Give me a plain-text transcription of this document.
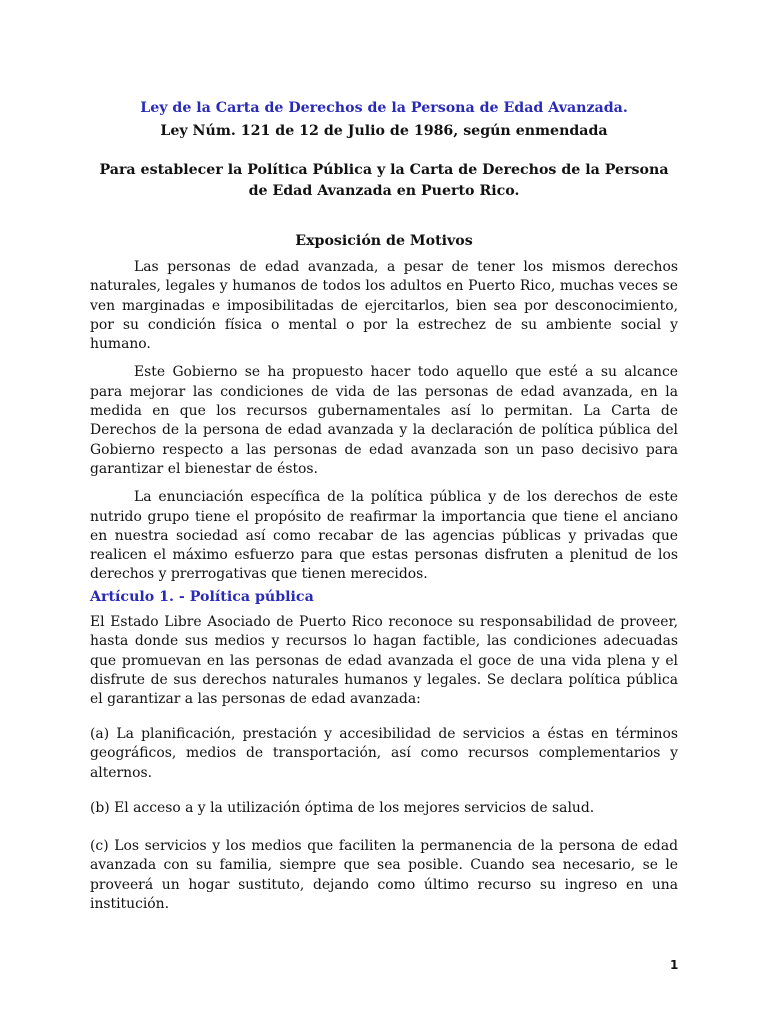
Ley de la Carta de Derechos de la Persona de Edad Avanzada.
Ley Núm. 121 de 12 de Julio de 1986, según enmendada
Para establecer la Política Pública y la Carta de Derechos de la Persona
de Edad Avanzada en Puerto Rico.
Exposición de Motivos

Las personas de edad avanzada, a pesar de tener los mismos derechos naturales, legales y humanos de todos los adultos en Puerto Rico, muchas veces se ven marginadas e imposibilitadas de ejercitarlos, bien sea por desconocimiento, por su condición física o mental o por la estrechez de su ambiente social y humano.

Este Gobierno se ha propuesto hacer todo aquello que esté a su alcance para mejorar las condiciones de vida de las personas de edad avanzada, en la medida en que los recursos gubernamentales así lo permitan. La Carta de Derechos de la persona de edad avanzada y la declaración de política pública del Gobierno respecto a las personas de edad avanzada son un paso decisivo para garantizar el bienestar de éstos.

La enunciación específica de la política pública y de los derechos de este nutrido grupo tiene el propósito de reafirmar la importancia que tiene el anciano en nuestra sociedad así como recabar de las agencias públicas y privadas que realicen el máximo esfuerzo para que estas personas disfruten a plenitud de los derechos y prerrogativas que tienen merecidos.

Artículo 1. - Política pública

El Estado Libre Asociado de Puerto Rico reconoce su responsabilidad de proveer, hasta donde sus medios y recursos lo hagan factible, las condiciones adecuadas que promuevan en las personas de edad avanzada el goce de una vida plena y el disfrute de sus derechos naturales humanos y legales. Se declara política pública el garantizar a las personas de edad avanzada:

(a) La planificación, prestación y accesibilidad de servicios a éstas en términos geográficos, medios de transportación, así como recursos complementarios y alternos.

(b) El acceso a y la utilización óptima de los mejores servicios de salud.

(c) Los servicios y los medios que faciliten la permanencia de la persona de edad avanzada con su familia, siempre que sea posible. Cuando sea necesario, se le proveerá un hogar sustituto, dejando como último recurso su ingreso en una institución.

1
